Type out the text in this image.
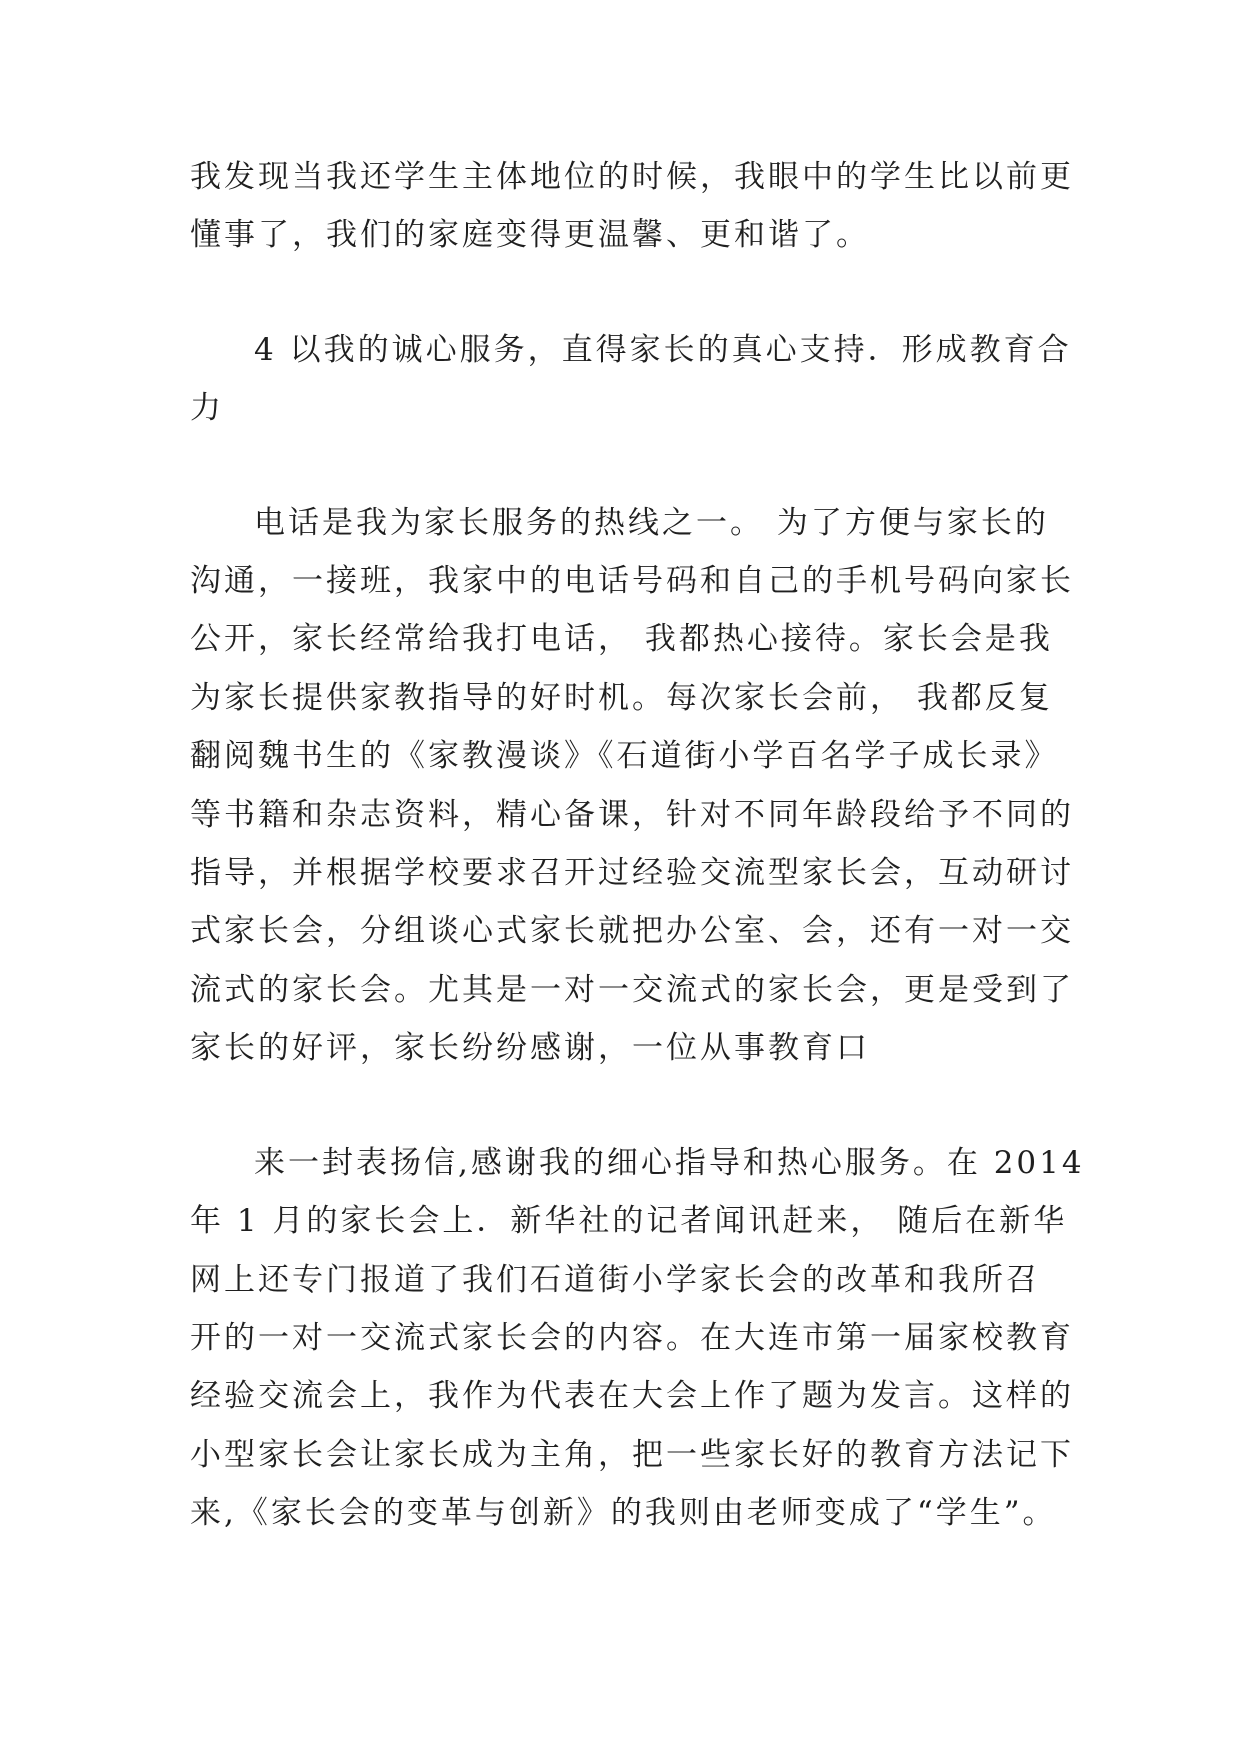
我发现当我还学生主体地位的时候，我眼中的学生比以前更
懂事了，我们的家庭变得更温馨、更和谐了。

4 以我的诚心服务，直得家长的真心支持．形成教育合
力

电话是我为家长服务的热线之一。 为了方便与家长的
沟通，一接班，我家中的电话号码和自己的手机号码向家长
公开，家长经常给我打电话， 我都热心接待。家长会是我
为家长提供家教指导的好时机。每次家长会前， 我都反复
翻阅魏书生的《家教漫谈》《石道街小学百名学子成长录》
等书籍和杂志资料，精心备课，针对不同年龄段给予不同的
指导，并根据学校要求召开过经验交流型家长会，互动研讨
式家长会，分组谈心式家长就把办公室、会，还有一对一交
流式的家长会。尤其是一对一交流式的家长会，更是受到了
家长的好评，家长纷纷感谢，一位从事教育口

来一封表扬信,感谢我的细心指导和热心服务。在 2014
年 1 月的家长会上．新华社的记者闻讯赶来， 随后在新华
网上还专门报道了我们石道街小学家长会的改革和我所召
开的一对一交流式家长会的内容。在大连市第一届家校教育
经验交流会上，我作为代表在大会上作了题为发言。这样的
小型家长会让家长成为主角，把一些家长好的教育方法记下
来,《家长会的变革与创新》的我则由老师变成了“学生”。
